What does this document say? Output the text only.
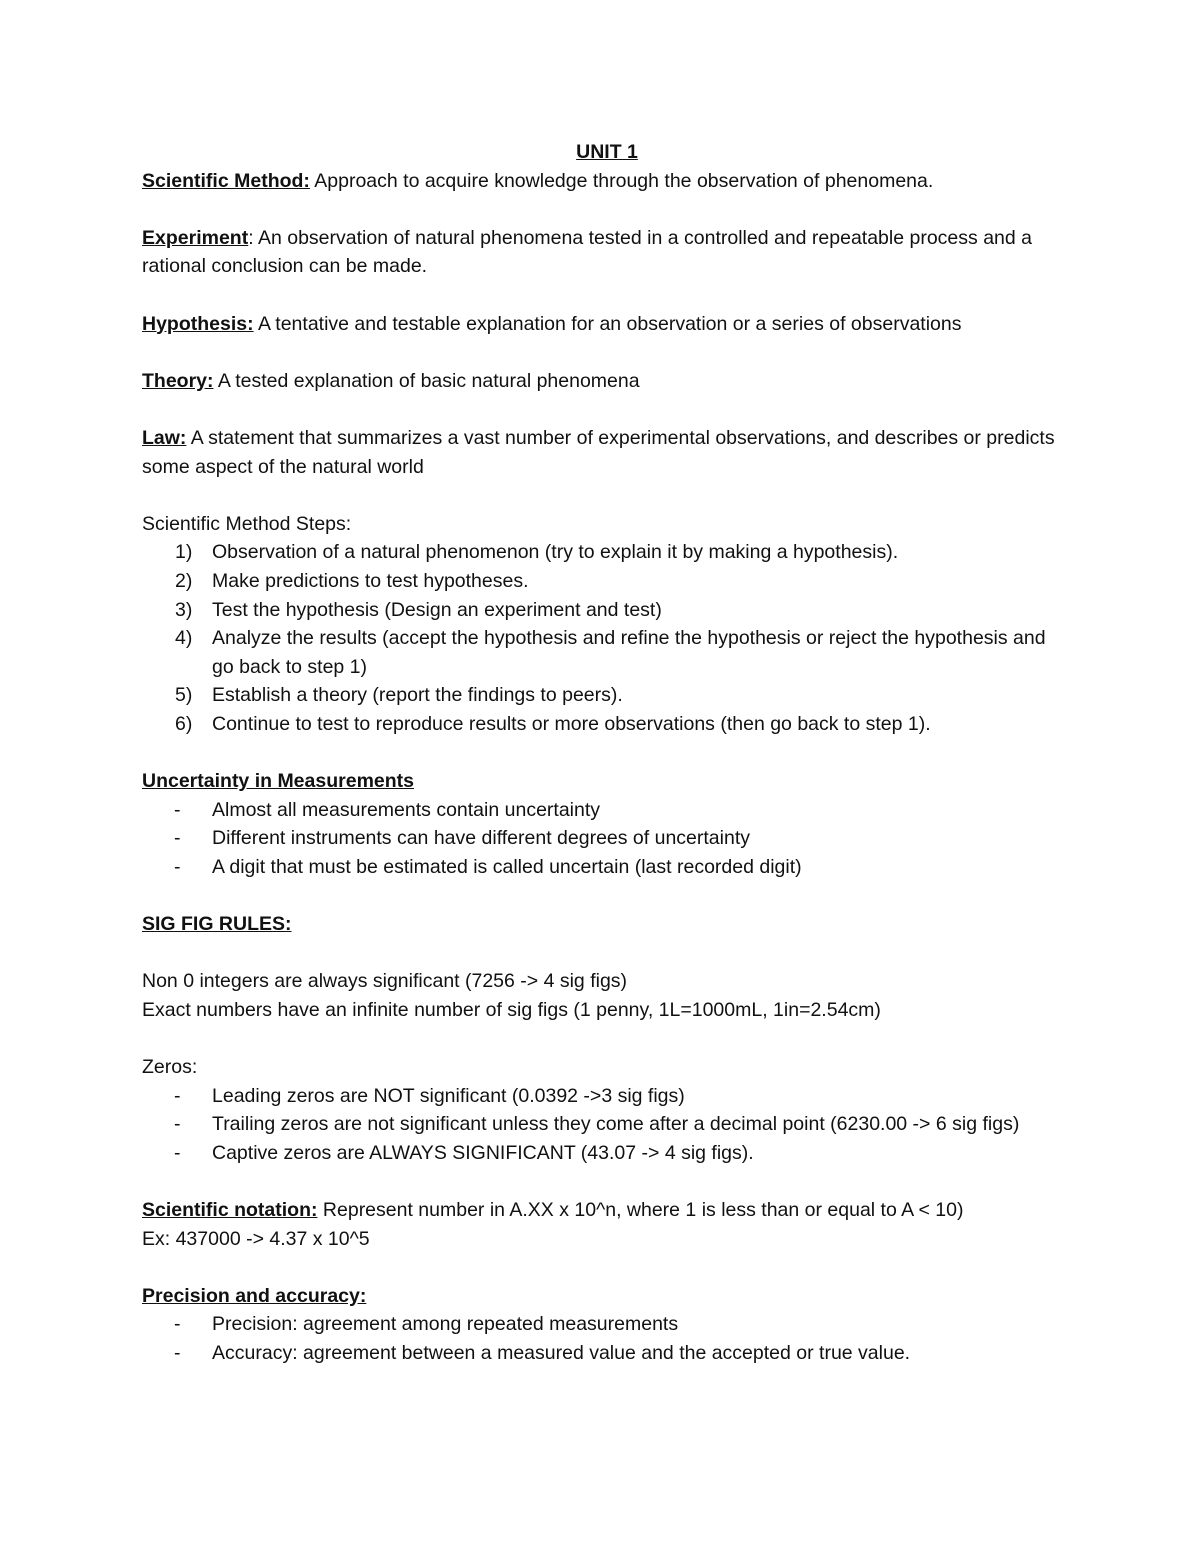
UNIT 1

Scientific Method: Approach to acquire knowledge through the observation of phenomena.

Experiment: An observation of natural phenomena tested in a controlled and repeatable process and a rational conclusion can be made.

Hypothesis: A tentative and testable explanation for an observation or a series of observations

Theory: A tested explanation of basic natural phenomena

Law: A statement that summarizes a vast number of experimental observations, and describes or predicts some aspect of the natural world

Scientific Method Steps:

1) Observation of a natural phenomenon (try to explain it by making a hypothesis).
2) Make predictions to test hypotheses.
3) Test the hypothesis (Design an experiment and test)
4) Analyze the results (accept the hypothesis and refine the hypothesis or reject the hypothesis and go back to step 1)
5) Establish a theory (report the findings to peers).
6) Continue to test to reproduce results or more observations (then go back to step 1).

Uncertainty in Measurements

- Almost all measurements contain uncertainty
- Different instruments can have different degrees of uncertainty
- A digit that must be estimated is called uncertain (last recorded digit)

SIG FIG RULES:

Non 0 integers are always significant (7256 -> 4 sig figs)

Exact numbers have an infinite number of sig figs (1 penny, 1L=1000mL, 1in=2.54cm)

Zeros:

- Leading zeros are NOT significant (0.0392 ->3 sig figs)
- Trailing zeros are not significant unless they come after a decimal point (6230.00 -> 6 sig figs)
- Captive zeros are ALWAYS SIGNIFICANT (43.07 -> 4 sig figs).

Scientific notation: Represent number in A.XX x 10^n, where 1 is less than or equal to A < 10)

Ex: 437000 -> 4.37 x 10^5

Precision and accuracy:

- Precision: agreement among repeated measurements
- Accuracy: agreement between a measured value and the accepted or true value.
